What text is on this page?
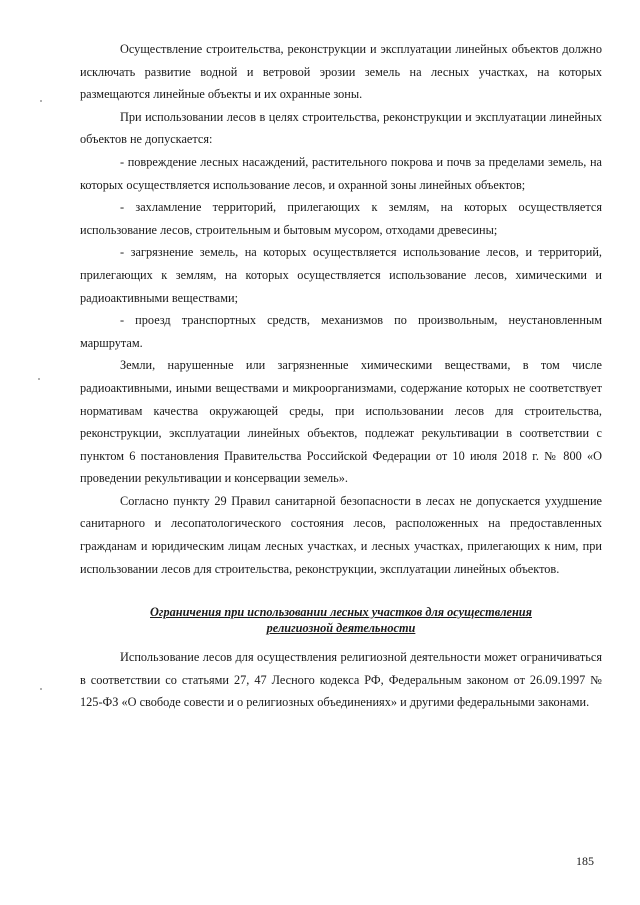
Осуществление строительства, реконструкции и эксплуатации линейных объектов должно исключать развитие водной и ветровой эрозии земель на лесных участках, на которых размещаются линейные объекты и их охранные зоны.

При использовании лесов в целях строительства, реконструкции и эксплуатации линейных объектов не допускается:

- повреждение лесных насаждений, растительного покрова и почв за пределами земель, на которых осуществляется использование лесов, и охранной зоны линейных объектов;

- захламление территорий, прилегающих к землям, на которых осуществляется использование лесов, строительным и бытовым мусором, отходами древесины;

- загрязнение земель, на которых осуществляется использование лесов, и территорий, прилегающих к землям, на которых осуществляется использование лесов, химическими и радиоактивными веществами;

- проезд транспортных средств, механизмов по произвольным, неустановленным маршрутам.

Земли, нарушенные или загрязненные химическими веществами, в том числе радиоактивными, иными веществами и микроорганизмами, содержание которых не соответствует нормативам качества окружающей среды, при использовании лесов для строительства, реконструкции, эксплуатации линейных объектов, подлежат рекультивации в соответствии с пунктом 6 постановления Правительства Российской Федерации от 10 июля 2018 г. № 800 «О проведении рекультивации и консервации земель».

Согласно пункту 29 Правил санитарной безопасности в лесах не допускается ухудшение санитарного и лесопатологического состояния лесов, расположенных на предоставленных гражданам и юридическим лицам лесных участках, и лесных участках, прилегающих к ним, при использовании лесов для строительства, реконструкции, эксплуатации линейных объектов.

Ограничения при использовании лесных участков для осуществления
религиозной деятельности

Использование лесов для осуществления религиозной деятельности может ограничиваться в соответствии со статьями 27, 47 Лесного кодекса РФ, Федеральным законом от 26.09.1997 № 125-ФЗ «О свободе совести и о религиозных объединениях» и другими федеральными законами.

185
